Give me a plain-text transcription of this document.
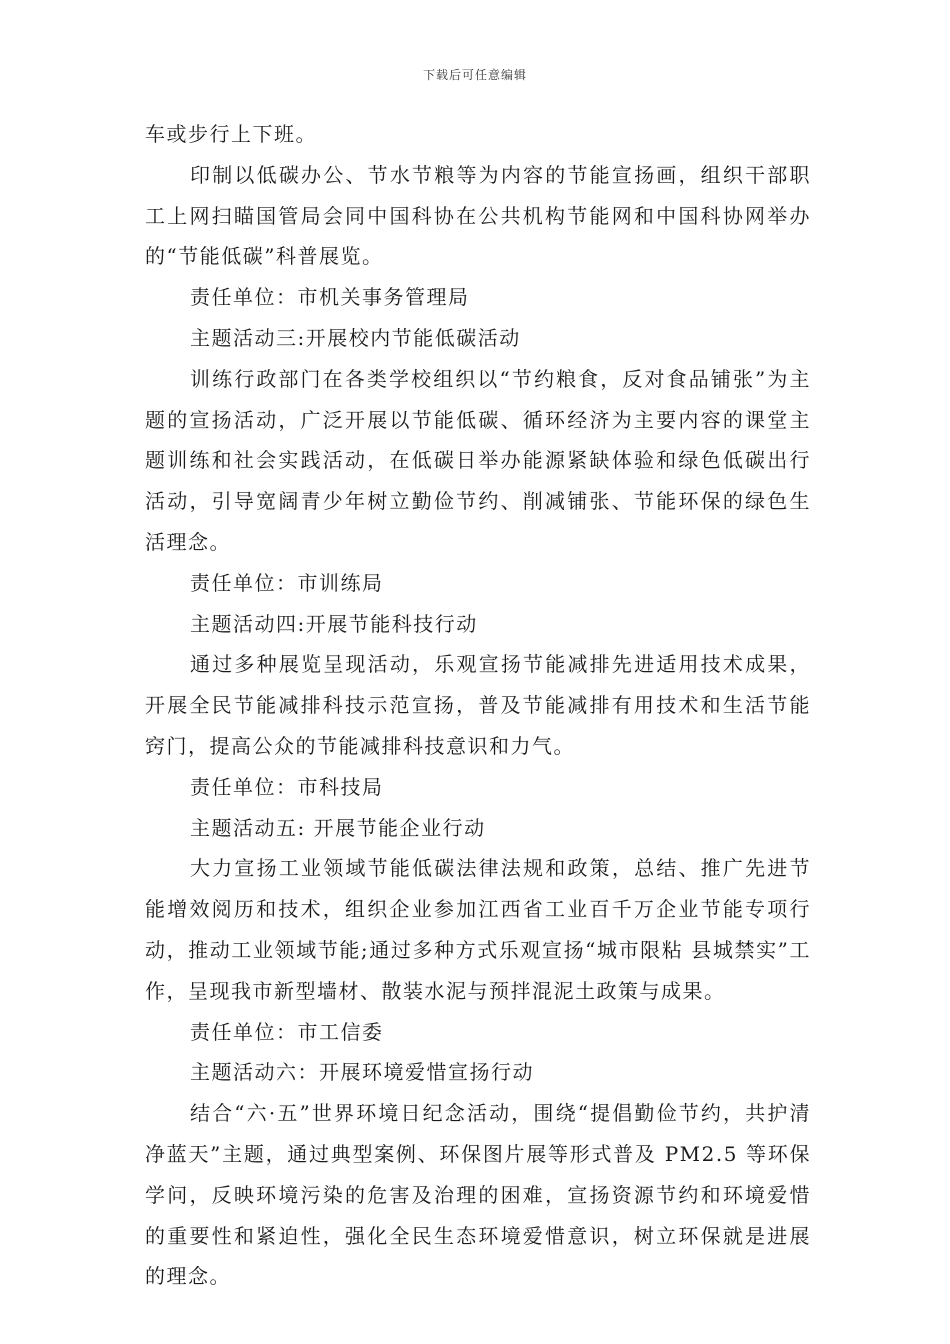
下载后可任意编辑

车或步行上下班。

印制以低碳办公、节水节粮等为内容的节能宣扬画，组织干部职工上网扫瞄国管局会同中国科协在公共机构节能网和中国科协网举办的“节能低碳”科普展览。

责任单位：市机关事务管理局

主题活动三:开展校内节能低碳活动

训练行政部门在各类学校组织以“节约粮食，反对食品铺张”为主题的宣扬活动，广泛开展以节能低碳、循环经济为主要内容的课堂主题训练和社会实践活动，在低碳日举办能源紧缺体验和绿色低碳出行活动，引导宽阔青少年树立勤俭节约、削减铺张、节能环保的绿色生活理念。

责任单位：市训练局

主题活动四:开展节能科技行动

通过多种展览呈现活动，乐观宣扬节能减排先进适用技术成果，开展全民节能减排科技示范宣扬，普及节能减排有用技术和生活节能窍门，提高公众的节能减排科技意识和力气。

责任单位：市科技局

主题活动五: 开展节能企业行动

大力宣扬工业领域节能低碳法律法规和政策，总结、推广先进节能增效阅历和技术，组织企业参加江西省工业百千万企业节能专项行动，推动工业领域节能;通过多种方式乐观宣扬“城市限粘 县城禁实”工作，呈现我市新型墙材、散装水泥与预拌混泥土政策与成果。

责任单位：市工信委

主题活动六：开展环境爱惜宣扬行动

结合“六·五”世界环境日纪念活动，围绕“提倡勤俭节约，共护清净蓝天”主题，通过典型案例、环保图片展等形式普及 PM2.5 等环保学问，反映环境污染的危害及治理的困难，宣扬资源节约和环境爱惜的重要性和紧迫性，强化全民生态环境爱惜意识，树立环保就是进展的理念。
